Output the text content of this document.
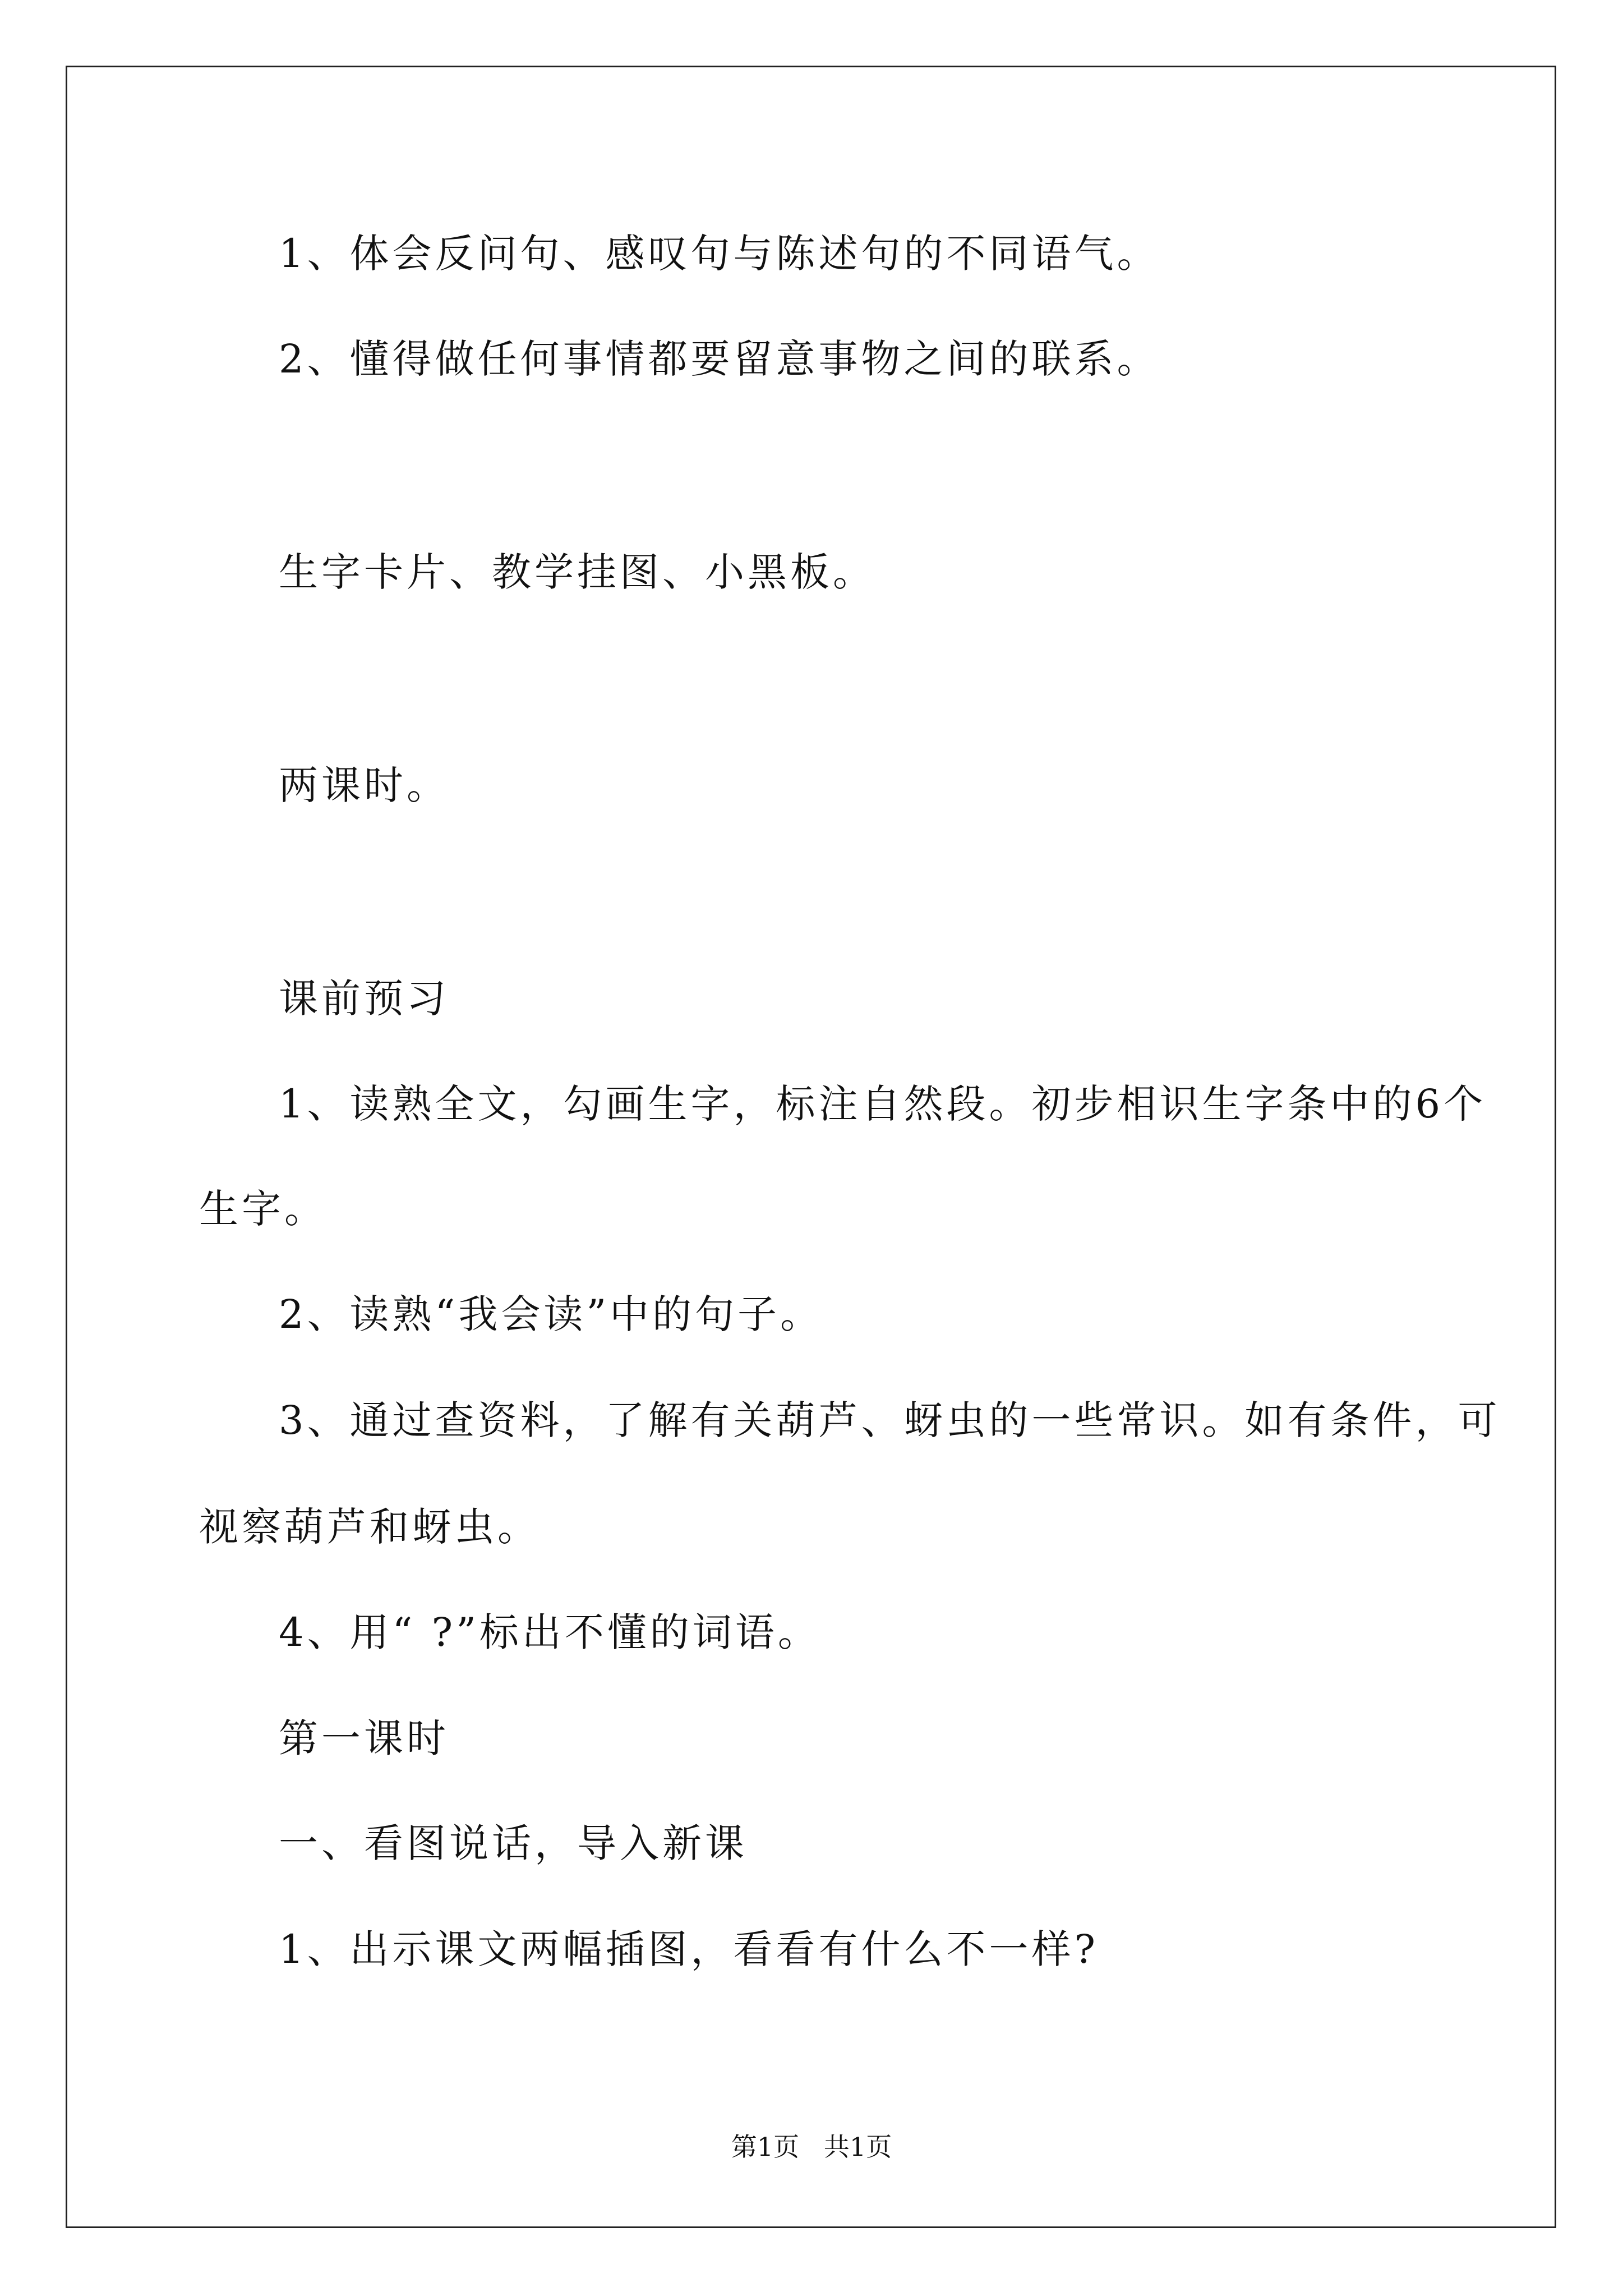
1、体会反问句、感叹句与陈述句的不同语气。
2、懂得做任何事情都要留意事物之间的联系。
生字卡片、教学挂图、小黑板。
两课时。
课前预习
1、读熟全文，勾画生字，标注自然段。初步相识生字条中的6个
生字。
2、读熟“我会读”中的句子。
3、通过查资料，了解有关葫芦、蚜虫的一些常识。如有条件，可
视察葫芦和蚜虫。
4、用“ ?”标出不懂的词语。
第一课时
一、看图说话，导入新课
1、出示课文两幅插图，看看有什么不一样?
第1页   共1页
